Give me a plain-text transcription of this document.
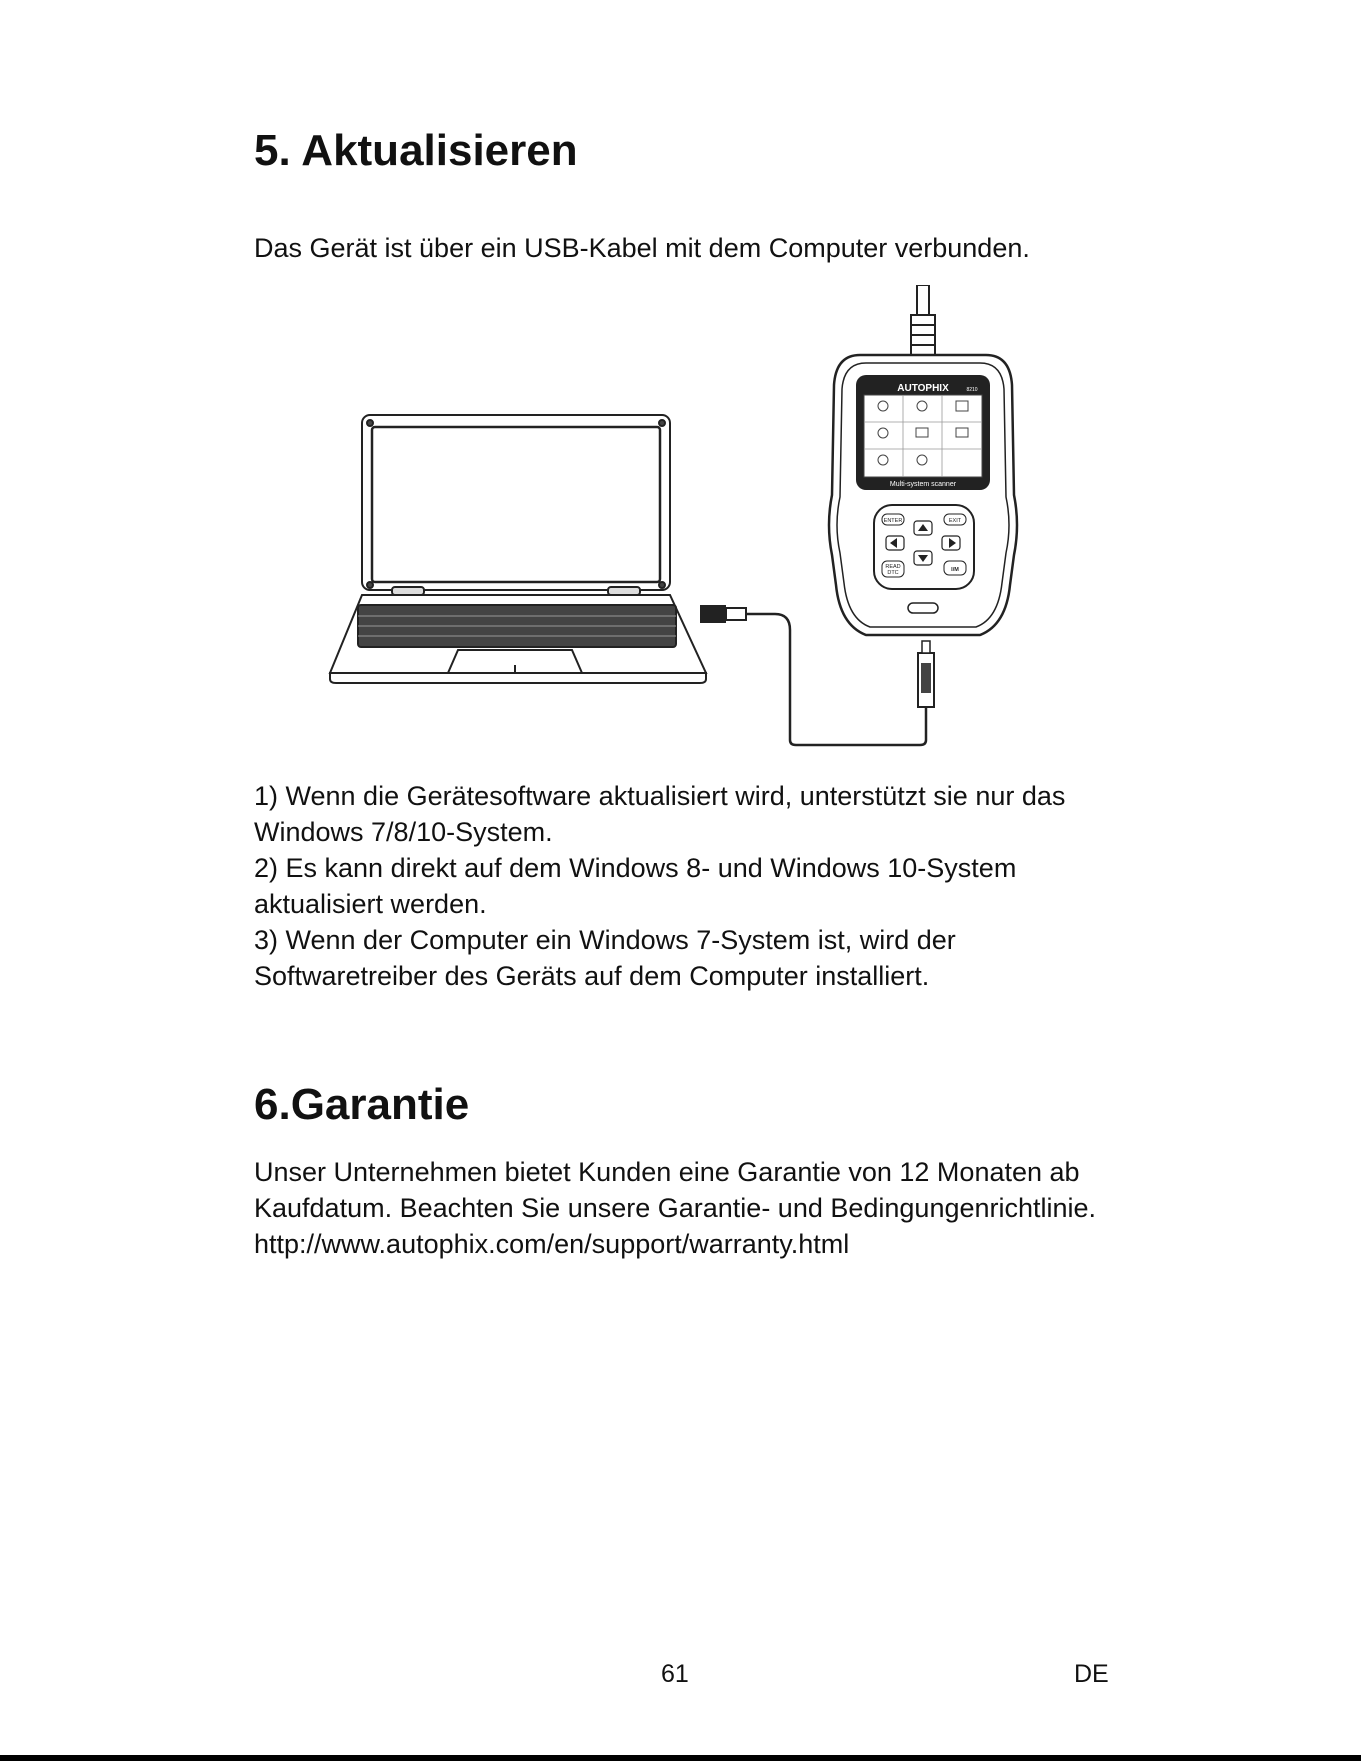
5. Aktualisieren

Das Gerät ist über ein USB-Kabel mit dem Computer verbunden.

AUTOPHIX	8210
Multi-system scanner
ENTER	EXIT
READ
DTC	I/M

1) Wenn die Gerätesoftware aktualisiert wird, unterstützt sie nur das Windows 7/8/10-System.

2) Es kann direkt auf dem Windows 8- und Windows 10-System aktualisiert werden.

3) Wenn der Computer ein Windows 7-System ist, wird der Softwaretreiber des Geräts auf dem Computer installiert.

6.Garantie

Unser Unternehmen bietet Kunden eine Garantie von 12 Monaten ab Kaufdatum. Beachten Sie unsere Garantie- und Bedingungenrichtlinie.

http://www.autophix.com/en/support/warranty.html

61	DE
